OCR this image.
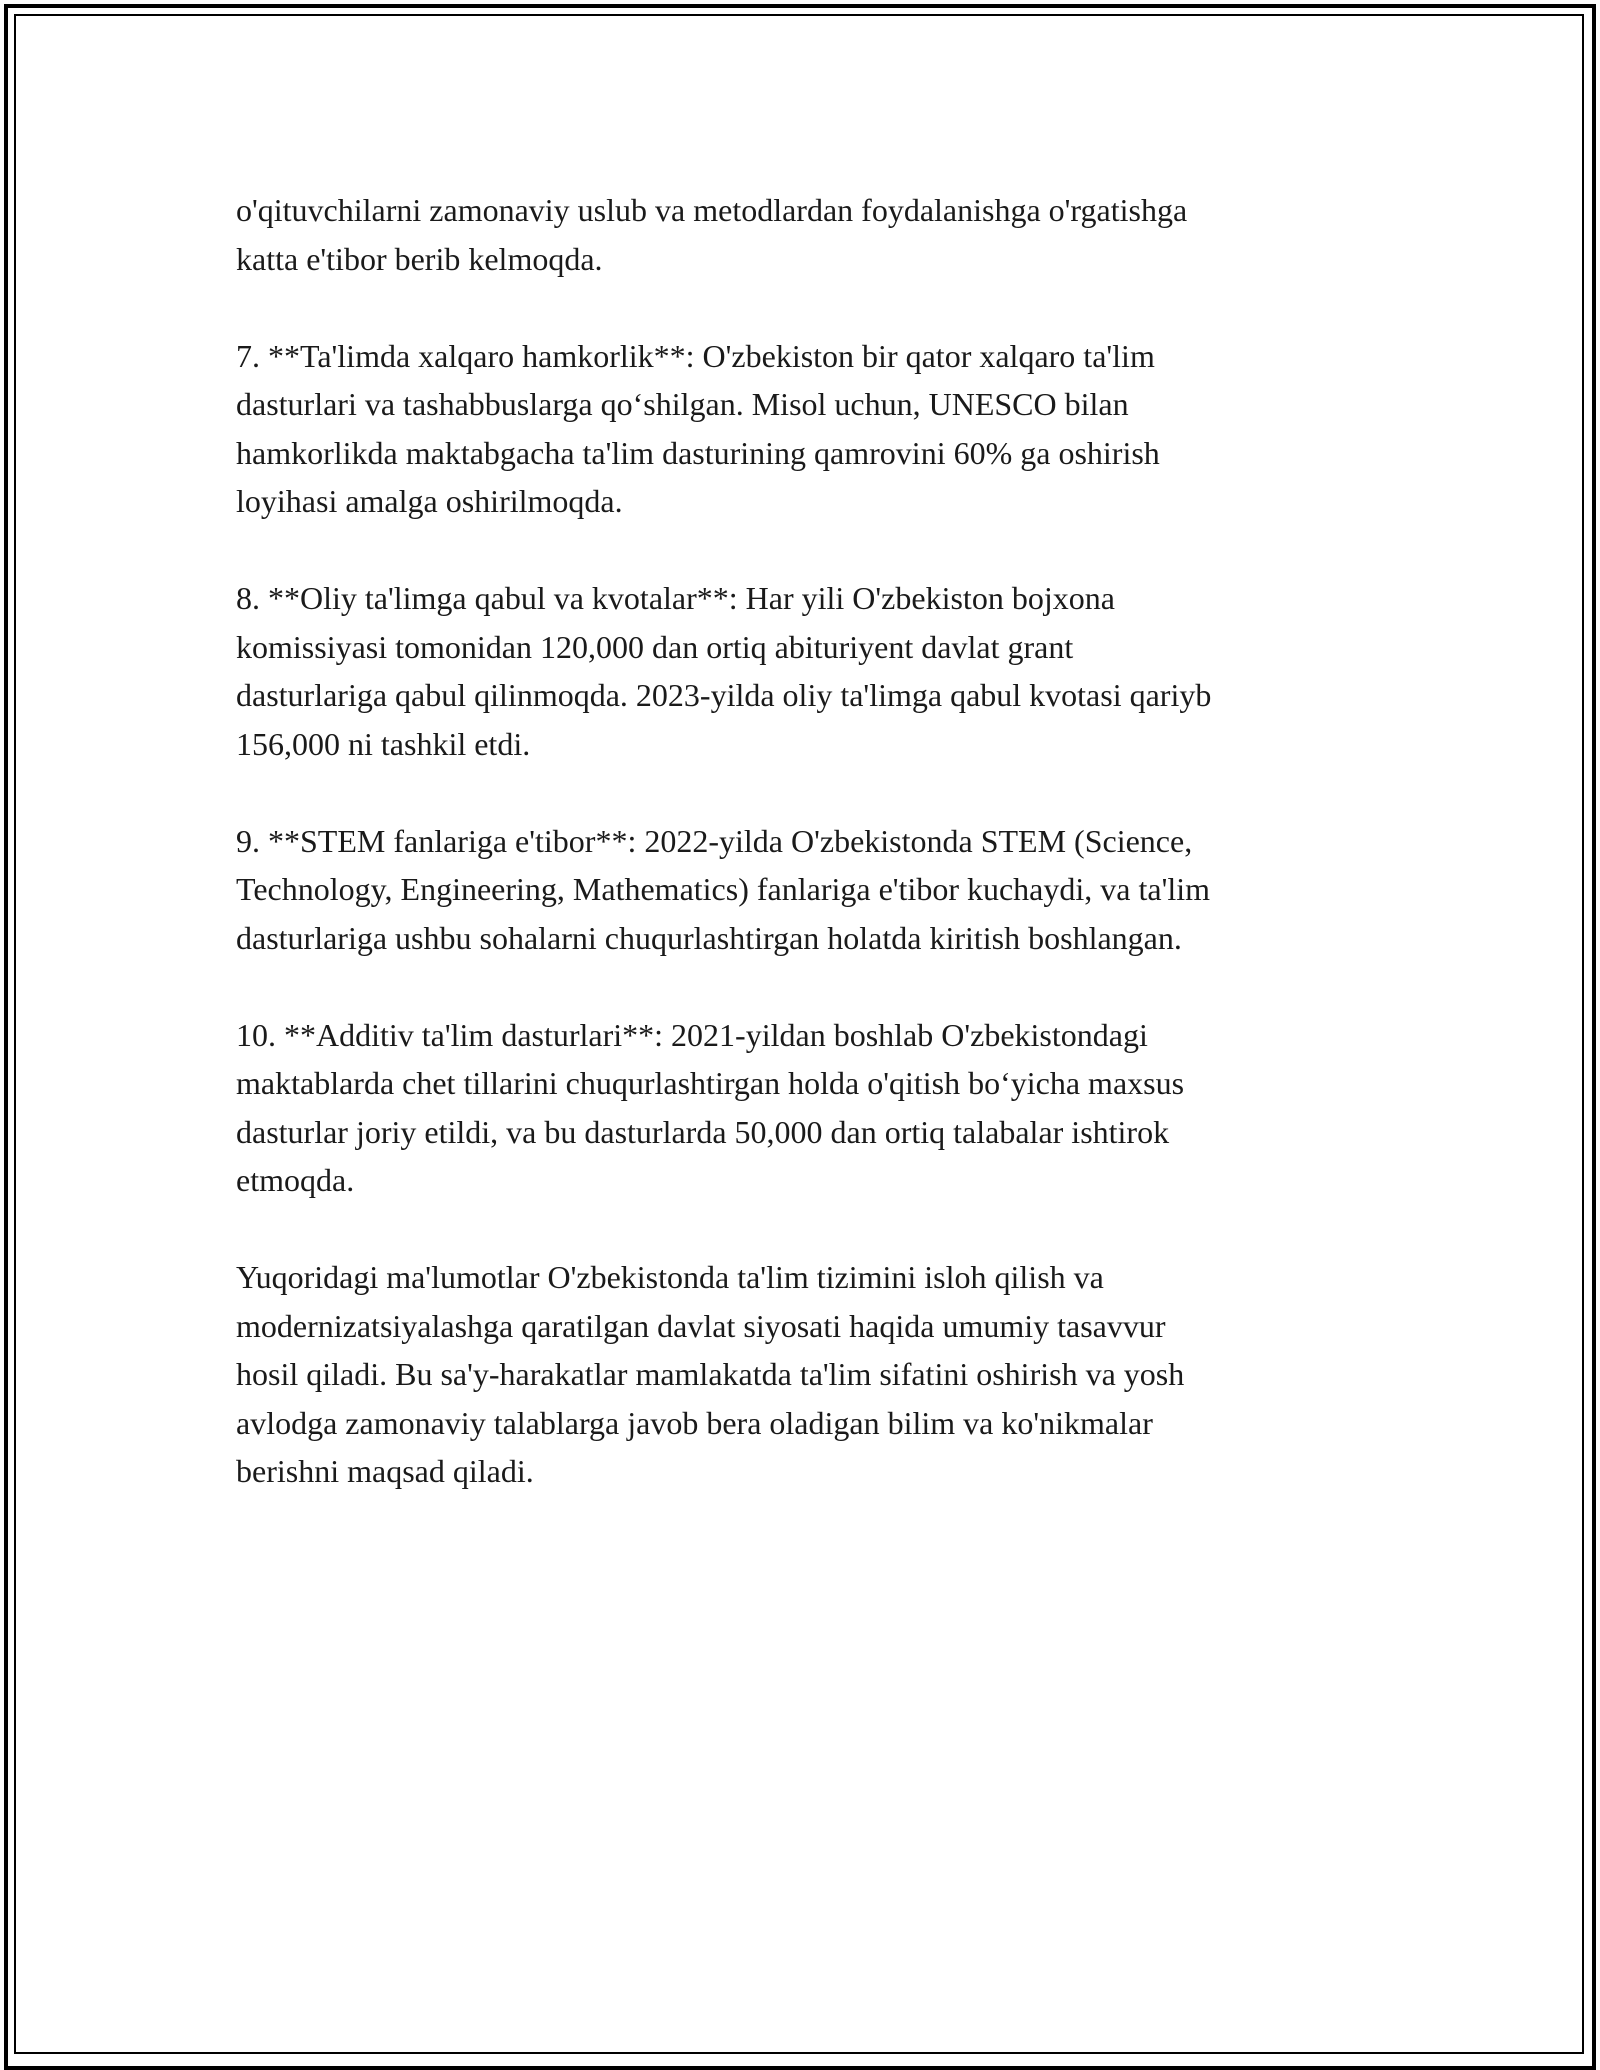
o'qituvchilarni zamonaviy uslub va metodlardan foydalanishga o'rgatishga
katta e'tibor berib kelmoqda.

7. **Ta'limda xalqaro hamkorlik**: O'zbekiston bir qator xalqaro ta'lim
dasturlari va tashabbuslarga qo‘shilgan. Misol uchun, UNESCO bilan
hamkorlikda maktabgacha ta'lim dasturining qamrovini 60% ga oshirish
loyihasi amalga oshirilmoqda.

8. **Oliy ta'limga qabul va kvotalar**: Har yili O'zbekiston bojxona
komissiyasi tomonidan 120,000 dan ortiq abituriyent davlat grant
dasturlariga qabul qilinmoqda. 2023-yilda oliy ta'limga qabul kvotasi qariyb
156,000 ni tashkil etdi.

9. **STEM fanlariga e'tibor**: 2022-yilda O'zbekistonda STEM (Science,
Technology, Engineering, Mathematics) fanlariga e'tibor kuchaydi, va ta'lim
dasturlariga ushbu sohalarni chuqurlashtirgan holatda kiritish boshlangan.

10. **Additiv ta'lim dasturlari**: 2021-yildan boshlab O'zbekistondagi
maktablarda chet tillarini chuqurlashtirgan holda o'qitish bo‘yicha maxsus
dasturlar joriy etildi, va bu dasturlarda 50,000 dan ortiq talabalar ishtirok
etmoqda.

Yuqoridagi ma'lumotlar O'zbekistonda ta'lim tizimini isloh qilish va
modernizatsiyalashga qaratilgan davlat siyosati haqida umumiy tasavvur
hosil qiladi. Bu sa'y-harakatlar mamlakatda ta'lim sifatini oshirish va yosh
avlodga zamonaviy talablarga javob bera oladigan bilim va ko'nikmalar
berishni maqsad qiladi.
